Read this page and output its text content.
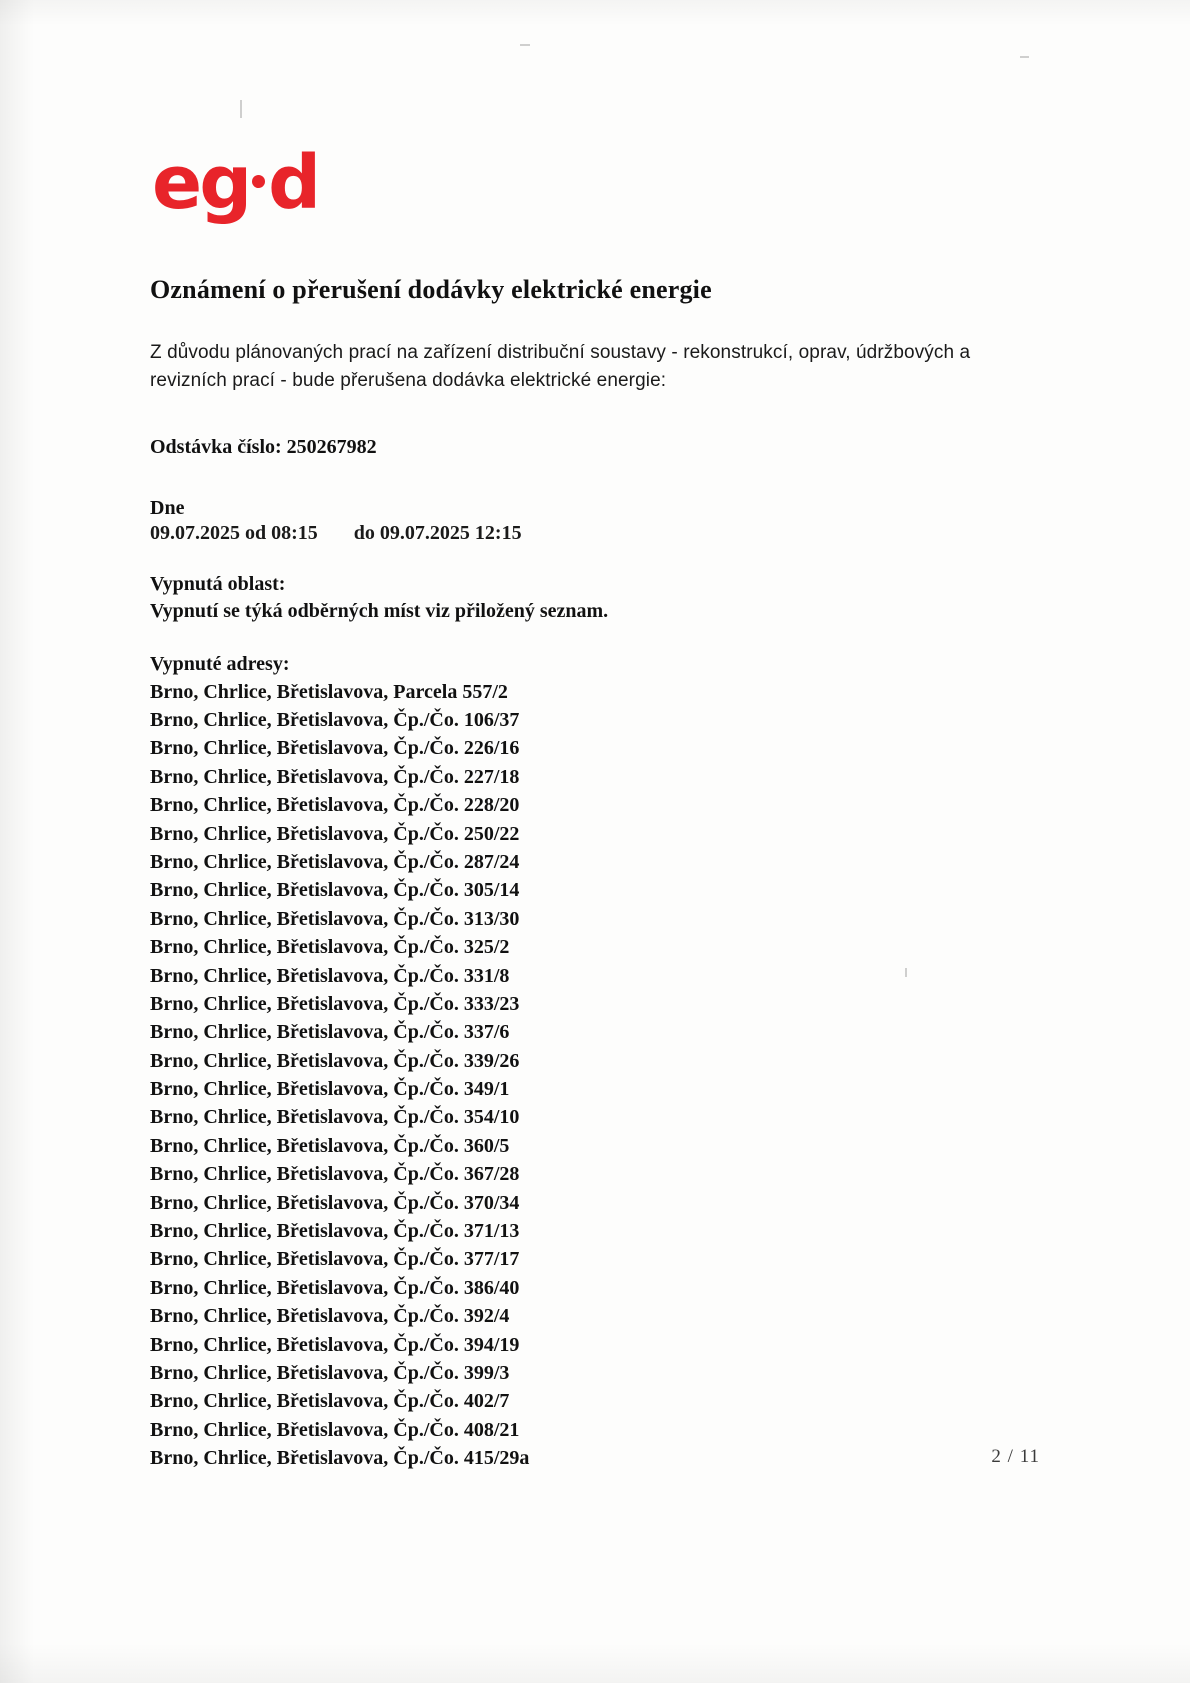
eg d
Oznámení o přerušení dodávky elektrické energie

Z důvodu plánovaných prací na zařízení distribuční soustavy - rekonstrukcí, oprav, údržbových a revizních prací - bude přerušena dodávka elektrické energie:

Odstávka číslo: 250267982
Dne
09.07.2025 od 08:15 do 09.07.2025 12:15
Vypnutá oblast:
Vypnutí se týká odběrných míst viz přiložený seznam.
Vypnuté adresy:
Brno, Chrlice, Břetislavova, Parcela 557/2
Brno, Chrlice, Břetislavova, Čp./Čo. 106/37
Brno, Chrlice, Břetislavova, Čp./Čo. 226/16
Brno, Chrlice, Břetislavova, Čp./Čo. 227/18
Brno, Chrlice, Břetislavova, Čp./Čo. 228/20
Brno, Chrlice, Břetislavova, Čp./Čo. 250/22
Brno, Chrlice, Břetislavova, Čp./Čo. 287/24
Brno, Chrlice, Břetislavova, Čp./Čo. 305/14
Brno, Chrlice, Břetislavova, Čp./Čo. 313/30
Brno, Chrlice, Břetislavova, Čp./Čo. 325/2
Brno, Chrlice, Břetislavova, Čp./Čo. 331/8
Brno, Chrlice, Břetislavova, Čp./Čo. 333/23
Brno, Chrlice, Břetislavova, Čp./Čo. 337/6
Brno, Chrlice, Břetislavova, Čp./Čo. 339/26
Brno, Chrlice, Břetislavova, Čp./Čo. 349/1
Brno, Chrlice, Břetislavova, Čp./Čo. 354/10
Brno, Chrlice, Břetislavova, Čp./Čo. 360/5
Brno, Chrlice, Břetislavova, Čp./Čo. 367/28
Brno, Chrlice, Břetislavova, Čp./Čo. 370/34
Brno, Chrlice, Břetislavova, Čp./Čo. 371/13
Brno, Chrlice, Břetislavova, Čp./Čo. 377/17
Brno, Chrlice, Břetislavova, Čp./Čo. 386/40
Brno, Chrlice, Břetislavova, Čp./Čo. 392/4
Brno, Chrlice, Břetislavova, Čp./Čo. 394/19
Brno, Chrlice, Břetislavova, Čp./Čo. 399/3
Brno, Chrlice, Břetislavova, Čp./Čo. 402/7
Brno, Chrlice, Břetislavova, Čp./Čo. 408/21
Brno, Chrlice, Břetislavova, Čp./Čo. 415/29a	2 / 11
